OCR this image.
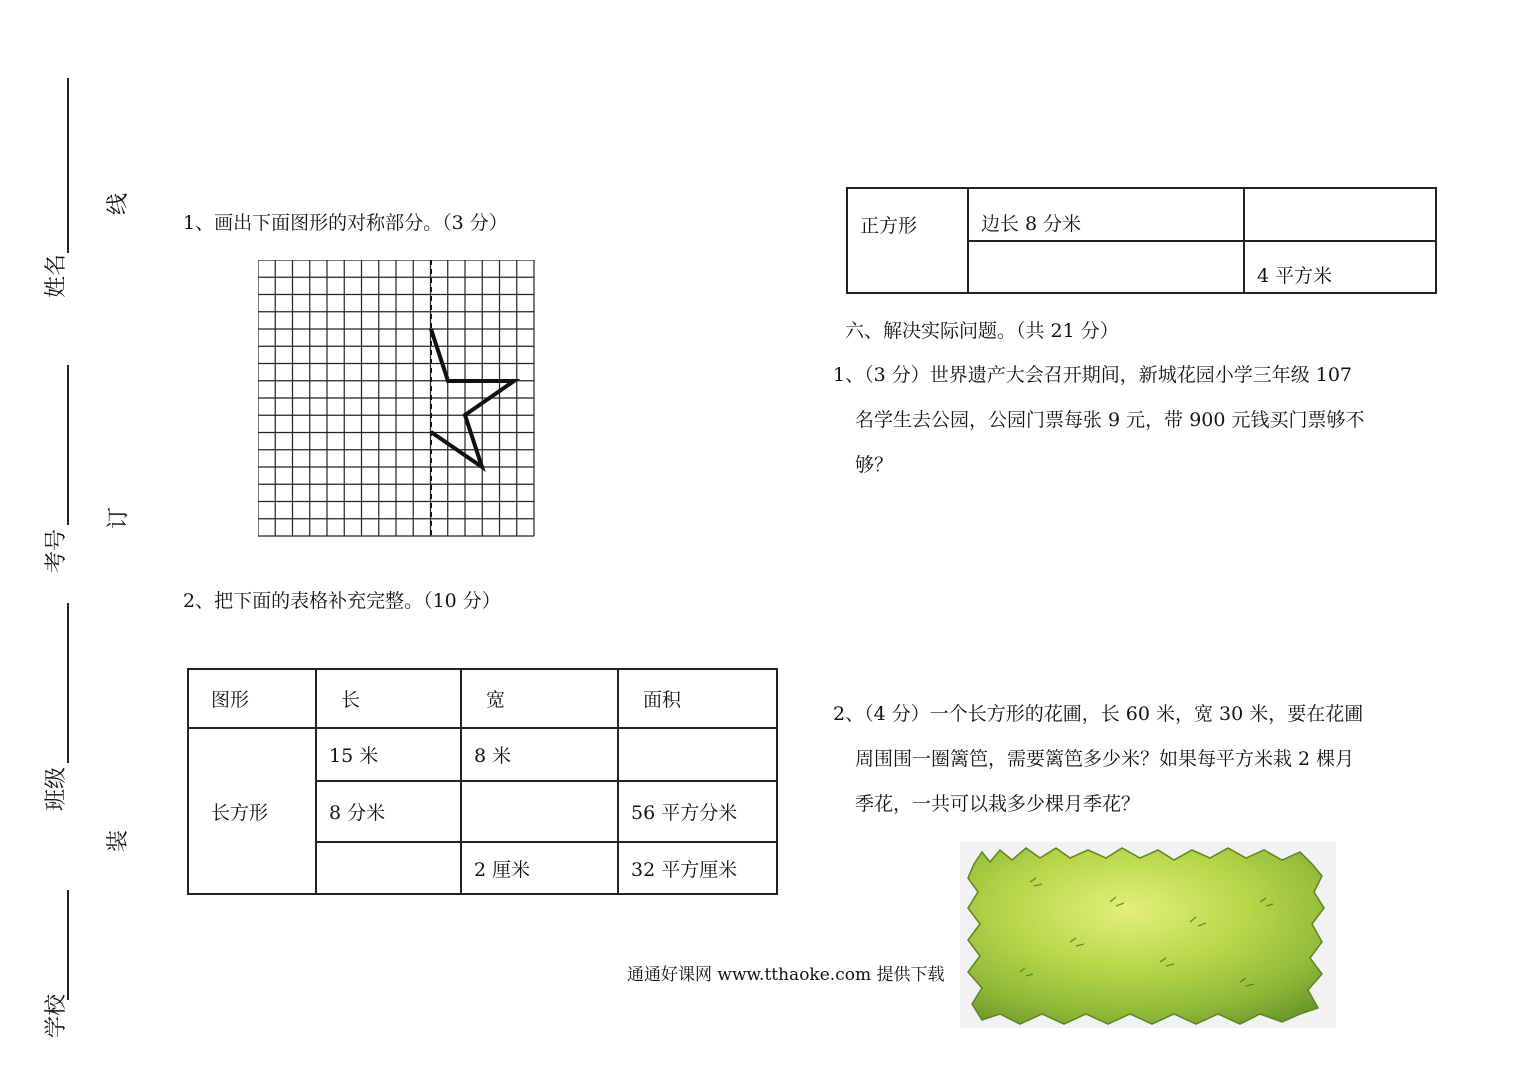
姓名
考号
班级
学校
线
订
装
1、画出下面图形的对称部分。（3 分）
2、把下面的表格补充完整。（10 分）
图形	长	宽	面积
长方形	15 米	8 米	
	8 分米		56 平方分米
		2 厘米	32 平方厘米
通通好课网 www.tthaoke.com 提供下载
正方形	边长 8 分米	
		4 平方米
六、解决实际问题。（共 21 分）
1、（3 分）世界遗产大会召开期间，新城花园小学三年级 107
名学生去公园，公园门票每张 9 元，带 900 元钱买门票够不
够？
2、（4 分）一个长方形的花圃，长 60 米，宽 30 米，要在花圃
周围围一圈篱笆，需要篱笆多少米？如果每平方米栽 2 棵月
季花，一共可以栽多少棵月季花？
